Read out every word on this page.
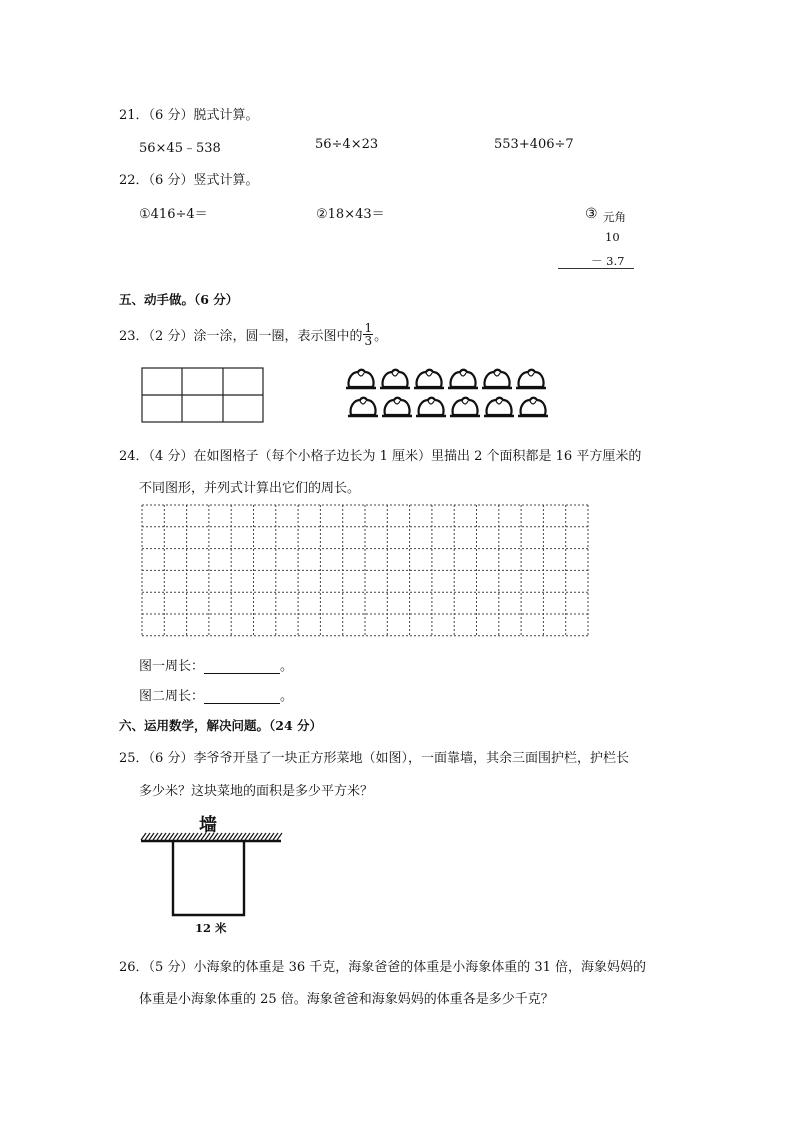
21．（6 分）脱式计算。
56×45﹣538	56÷4×23	553+406÷7
22．（6 分）竖式计算。
①416÷4＝	②18×43＝	③ 元角
10
－ 3.7
五、动手做。（6 分）
23．（2 分）涂一涂，圆一圈，表示图中的 $\frac{1}{3}$ 。
24．（4 分）在如图格子（每个小格子边长为 1 厘米）里描出 2 个面积都是 16 平方厘米的
不同图形，并列式计算出它们的周长。
图一周长：	。
图二周长：	。
六、运用数学，解决问题。（24 分）
25．（6 分）李爷爷开垦了一块正方形菜地（如图），一面靠墙，其余三面围护栏，护栏长
多少米？这块菜地的面积是多少平方米？
墙
12 米
26．（5 分）小海象的体重是 36 千克，海象爸爸的体重是小海象体重的 31 倍，海象妈妈的
体重是小海象体重的 25 倍。海象爸爸和海象妈妈的体重各是多少千克？
